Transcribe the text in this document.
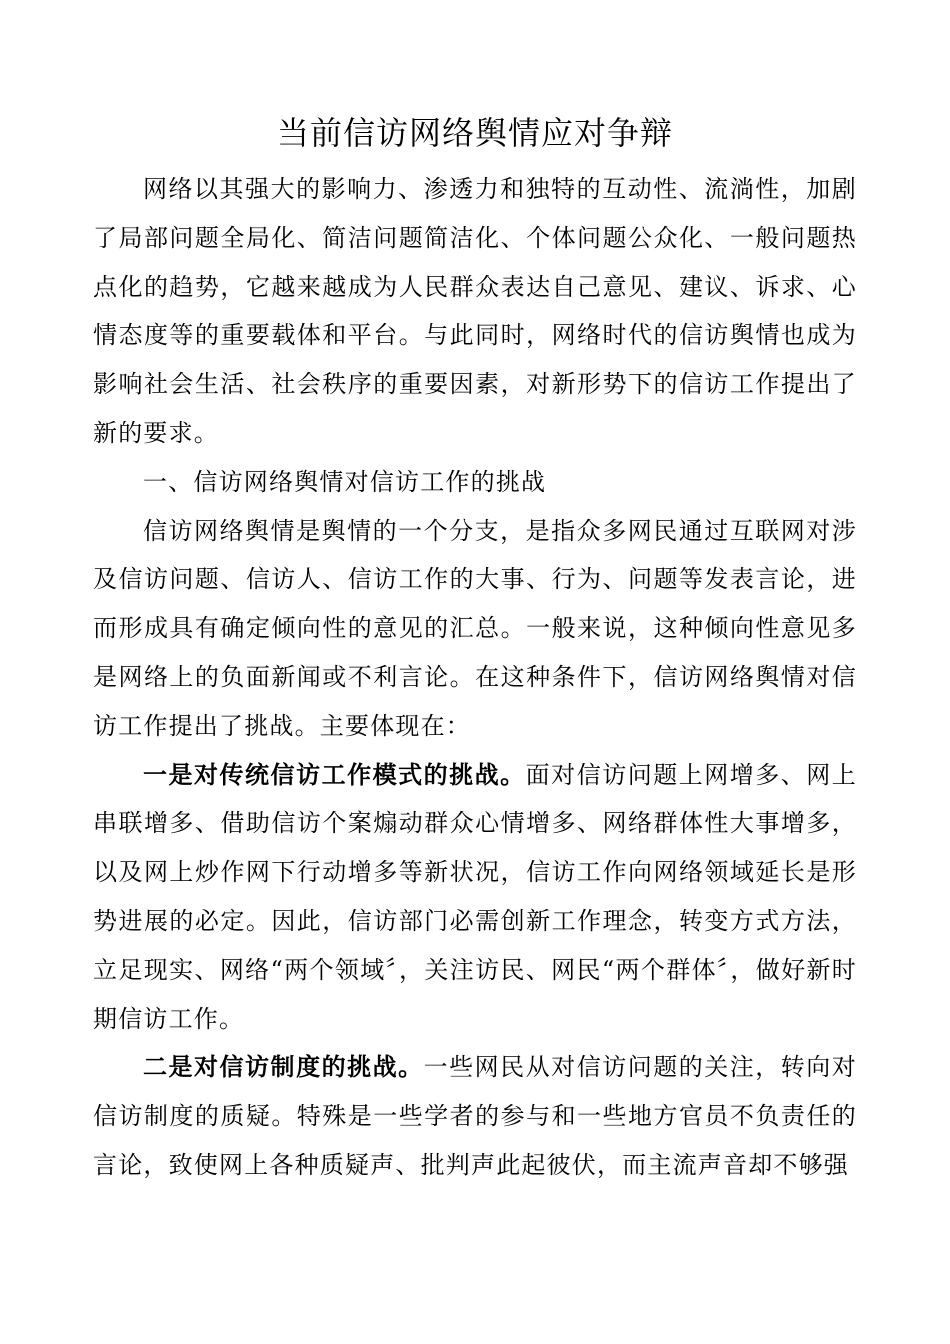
当前信访网络舆情应对争辩

网络以其强大的影响力、渗透力和独特的互动性、流淌性，加剧了局部问题全局化、简洁问题简洁化、个体问题公众化、一般问题热点化的趋势，它越来越成为人民群众表达自己意见、建议、诉求、心情态度等的重要载体和平台。与此同时，网络时代的信访舆情也成为影响社会生活、社会秩序的重要因素，对新形势下的信访工作提出了新的要求。

一、信访网络舆情对信访工作的挑战

信访网络舆情是舆情的一个分支，是指众多网民通过互联网对涉及信访问题、信访人、信访工作的大事、行为、问题等发表言论，进而形成具有确定倾向性的意见的汇总。一般来说，这种倾向性意见多是网络上的负面新闻或不利言论。在这种条件下，信访网络舆情对信访工作提出了挑战。主要体现在：

一是对传统信访工作模式的挑战。面对信访问题上网增多、网上串联增多、借助信访个案煽动群众心情增多、网络群体性大事增多，以及网上炒作网下行动增多等新状况，信访工作向网络领域延长是形势进展的必定。因此，信访部门必需创新工作理念，转变方式方法，立足现实、网络“两个领域〞，关注访民、网民“两个群体〞，做好新时期信访工作。

二是对信访制度的挑战。一些网民从对信访问题的关注，转向对信访制度的质疑。特殊是一些学者的参与和一些地方官员不负责任的言论，致使网上各种质疑声、批判声此起彼伏，而主流声音却不够强
